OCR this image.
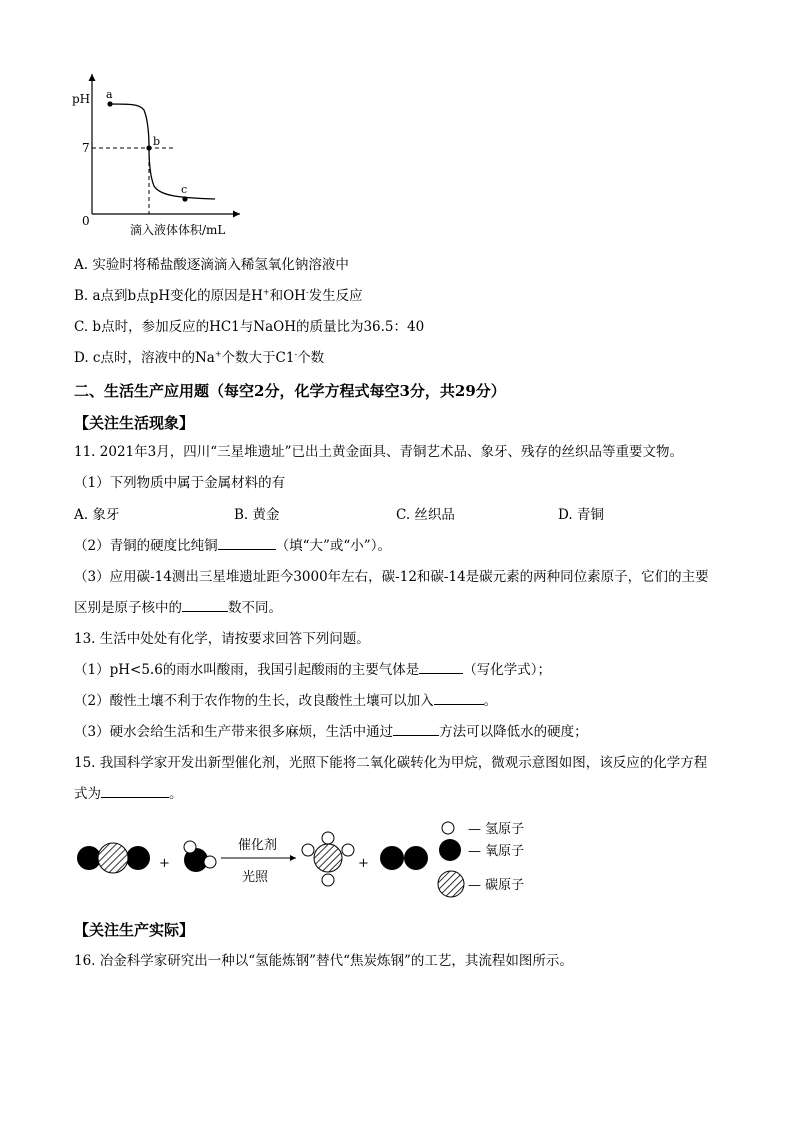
pH
7
0
a
b
c
滴入液体体积/mL
A. 实验时将稀盐酸逐滴滴入稀氢氧化钠溶液中
B. a点到b点pH变化的原因是H+和OH-发生反应
C. b点时，参加反应的HC1与NaOH的质量比为36.5：40
D. c点时，溶液中的Na+个数大于C1-个数
二、生活生产应用题（每空2分，化学方程式每空3分，共29分）
【关注生活现象】
11. 2021年3月，四川“三星堆遗址”已出土黄金面具、青铜艺术品、象牙、残存的丝织品等重要文物。
（1）下列物质中属于金属材料的有
A. 象牙	B. 黄金	C. 丝织品	D. 青铜
（2）青铜的硬度比纯铜	（填“大”或“小”）。
（3）应用碳-14测出三星堆遗址距今3000年左右，碳-12和碳-14是碳元素的两种同位素原子，它们的主要
区别是原子核中的	数不同。
13. 生活中处处有化学，请按要求回答下列问题。
（1）pH<5.6的雨水叫酸雨，我国引起酸雨的主要气体是	（写化学式）；
（2）酸性土壤不利于农作物的生长，改良酸性土壤可以加入	。
（3）硬水会给生活和生产带来很多麻烦，生活中通过	方法可以降低水的硬度；
15. 我国科学家开发出新型催化剂，光照下能将二氧化碳转化为甲烷，微观示意图如图，该反应的化学方程
式为	。
+
催化剂
光照
+
— 氢原子
— 氧原子
— 碳原子
【关注生产实际】
16. 冶金科学家研究出一种以“氢能炼钢”替代“焦炭炼钢”的工艺，其流程如图所示。
